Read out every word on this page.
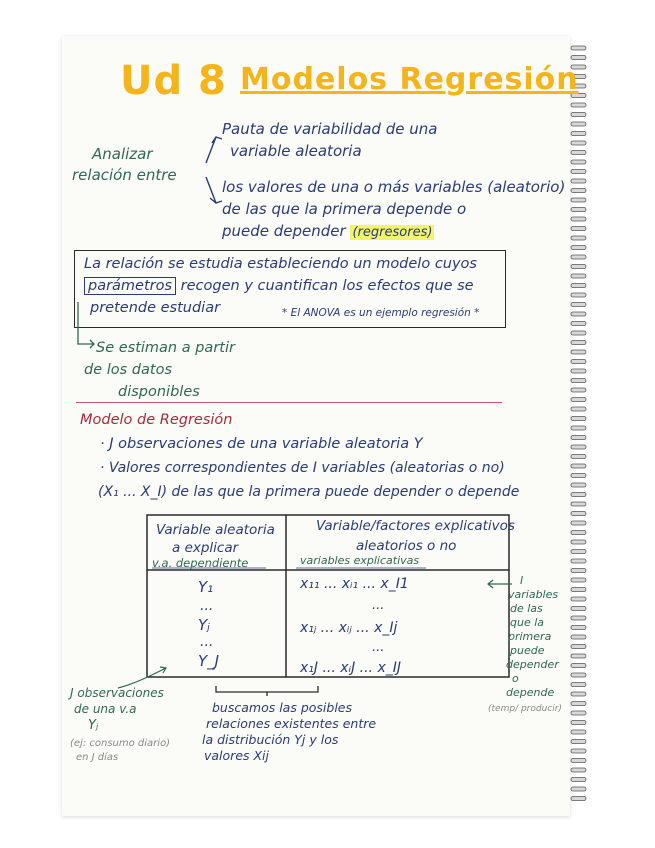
Ud 8 Modelos Regresión
Analizar
relación entre
Pauta de variabilidad de una
variable aleatoria
los valores de una o más variables (aleatorio)
de las que la primera depende o
puede depender (regresores)
La relación se estudia estableciendo un modelo cuyos
parámetros recogen y cuantifican los efectos que se
pretende estudiar	* El ANOVA es un ejemplo regresión *
Se estiman a partir
de los datos
disponibles
Modelo de Regresión
· J observaciones de una variable aleatoria Y
· Valores correspondientes de I variables (aleatorias o no)
(X₁ ... X_I) de las que la primera puede depender o depende
Variable aleatoria
a explicar
v.a. dependiente
Variable/factores explicativos
aleatorios o no
variables explicativas
Y₁
...
Yⱼ
...
Y_J
x₁₁ ... xᵢ₁ ... x_I1
...
x₁ⱼ ... xᵢⱼ ... x_Ij
...
x₁J ... xᵢJ ... x_IJ
I
variables
de las
que la
primera
puede
depender
o
depende
(temp/ producir)
J observaciones
de una v.a
Yⱼ
(ej: consumo diario)
en J días
buscamos las posibles
relaciones existentes entre
la distribución Yj y los
valores Xij
